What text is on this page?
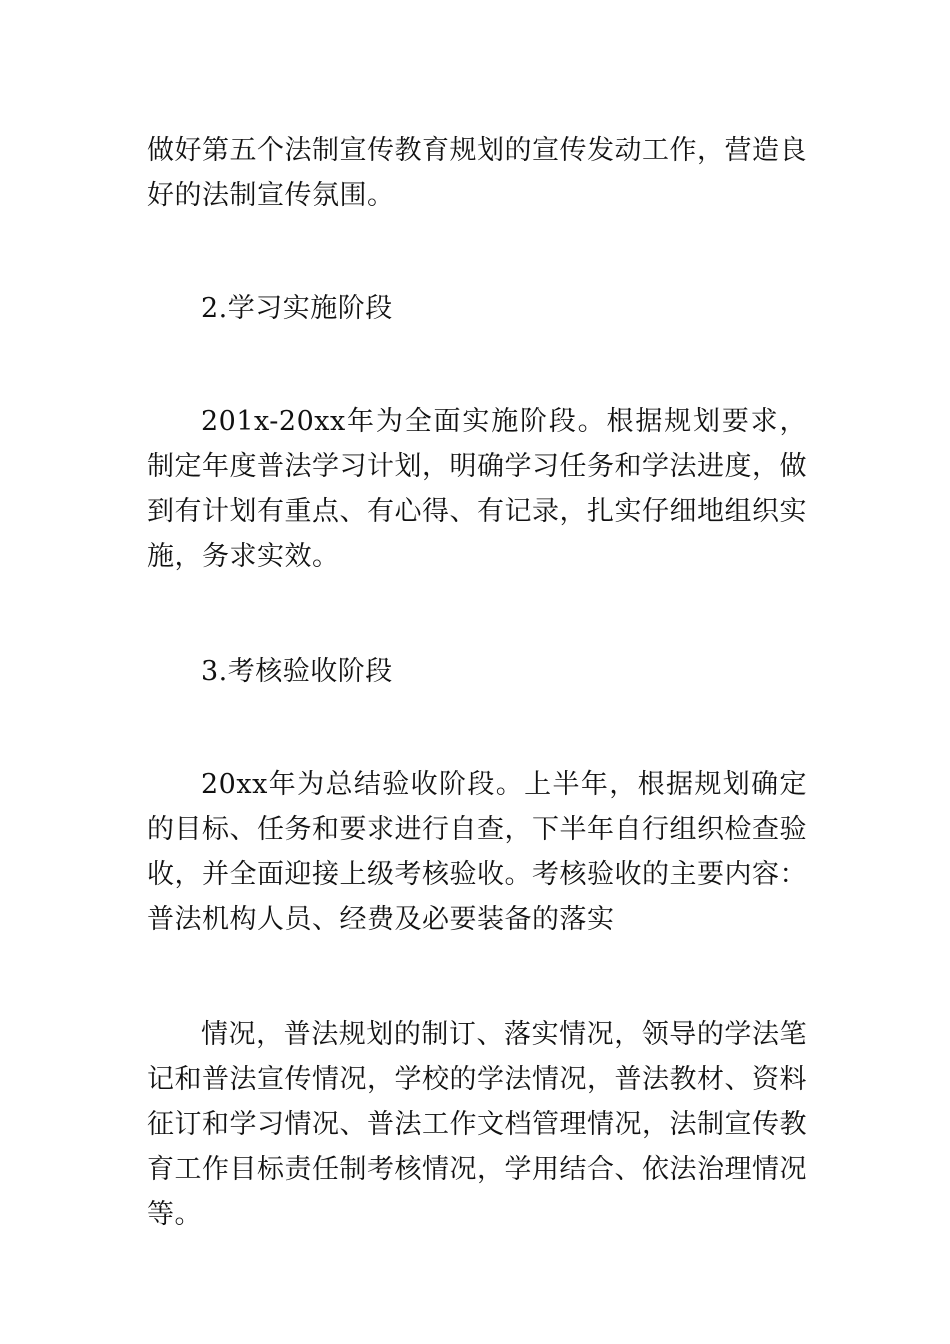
做好第五个法制宣传教育规划的宣传发动工作，营造良好的法制宣传氛围。

2.学习实施阶段

201x-20xx年为全面实施阶段。根据规划要求，制定年度普法学习计划，明确学习任务和学法进度，做到有计划有重点、有心得、有记录，扎实仔细地组织实施，务求实效。

3.考核验收阶段

20xx年为总结验收阶段。上半年，根据规划确定的目标、任务和要求进行自查，下半年自行组织检查验收，并全面迎接上级考核验收。考核验收的主要内容：普法机构人员、经费及必要装备的落实

情况，普法规划的制订、落实情况，领导的学法笔记和普法宣传情况，学校的学法情况，普法教材、资料征订和学习情况、普法工作文档管理情况，法制宣传教育工作目标责任制考核情况，学用结合、依法治理情况等。
